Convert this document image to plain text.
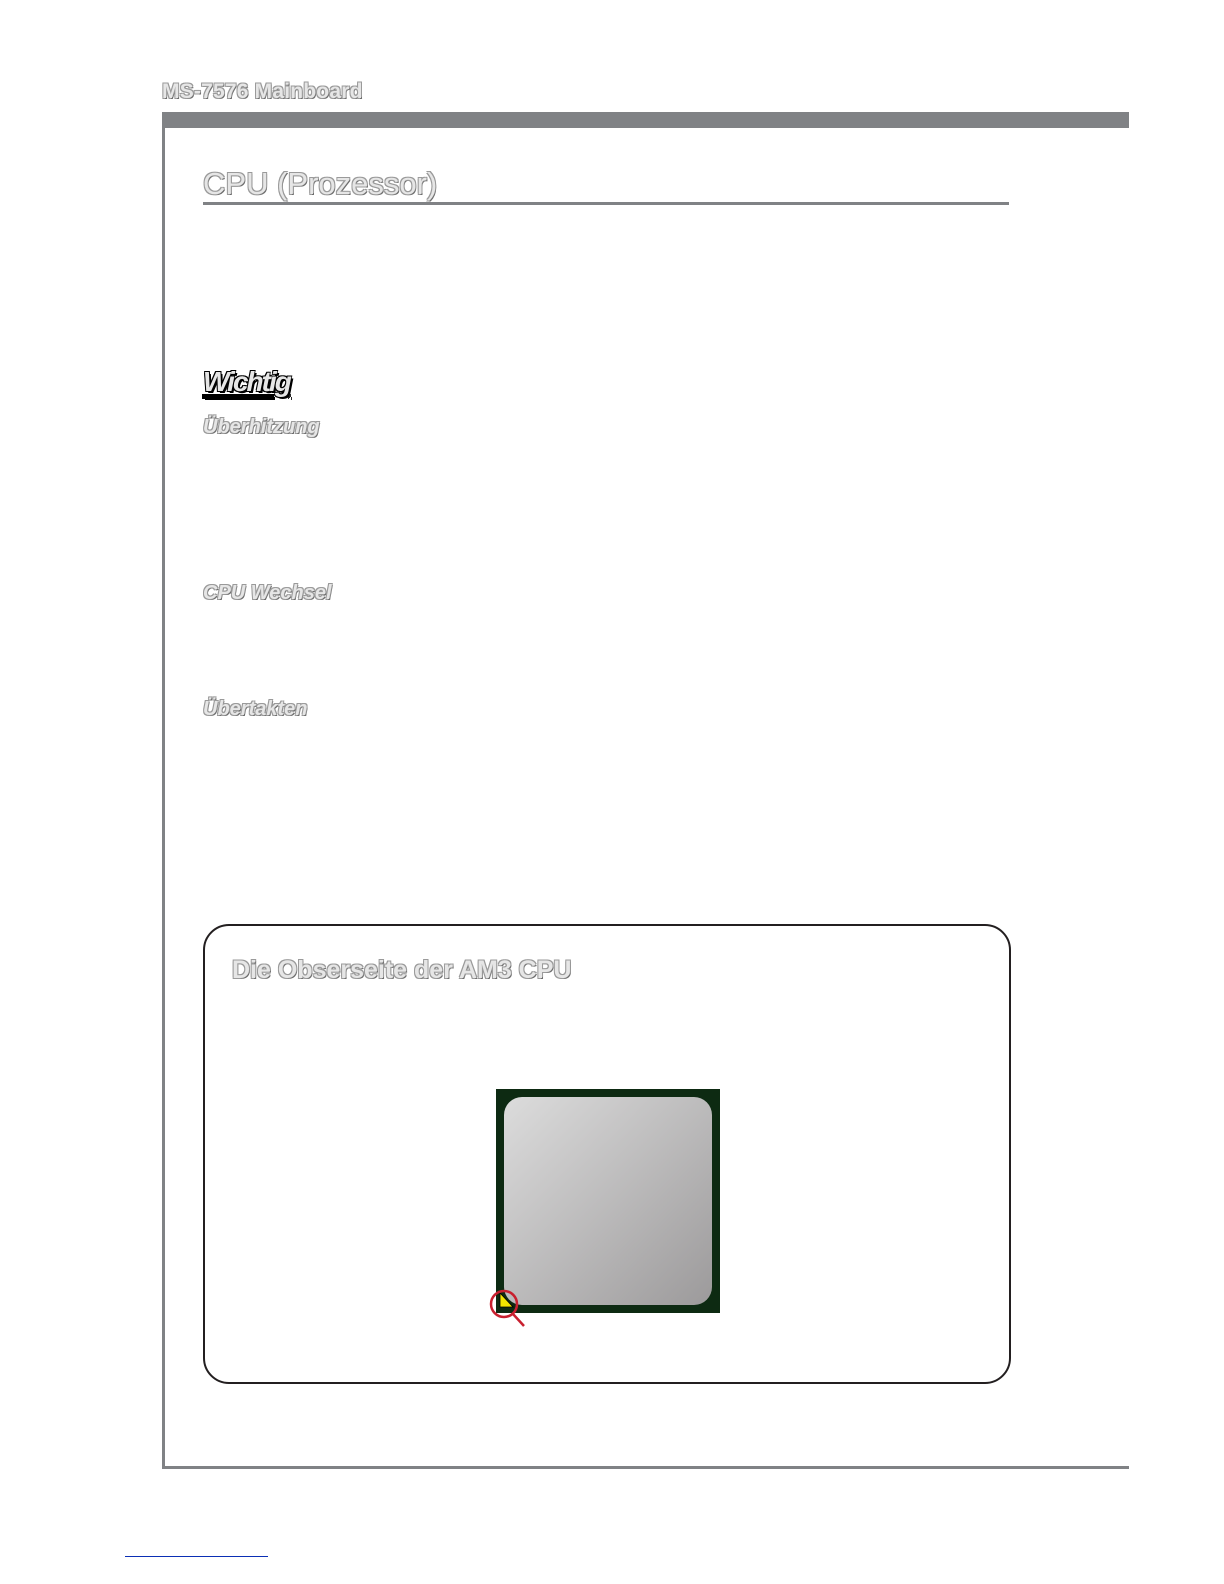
MS-7576 Mainboard
CPU (Prozessor)
Wichtig
Überhitzung
CPU Wechsel
Übertakten
Die Obserseite der AM3 CPU
